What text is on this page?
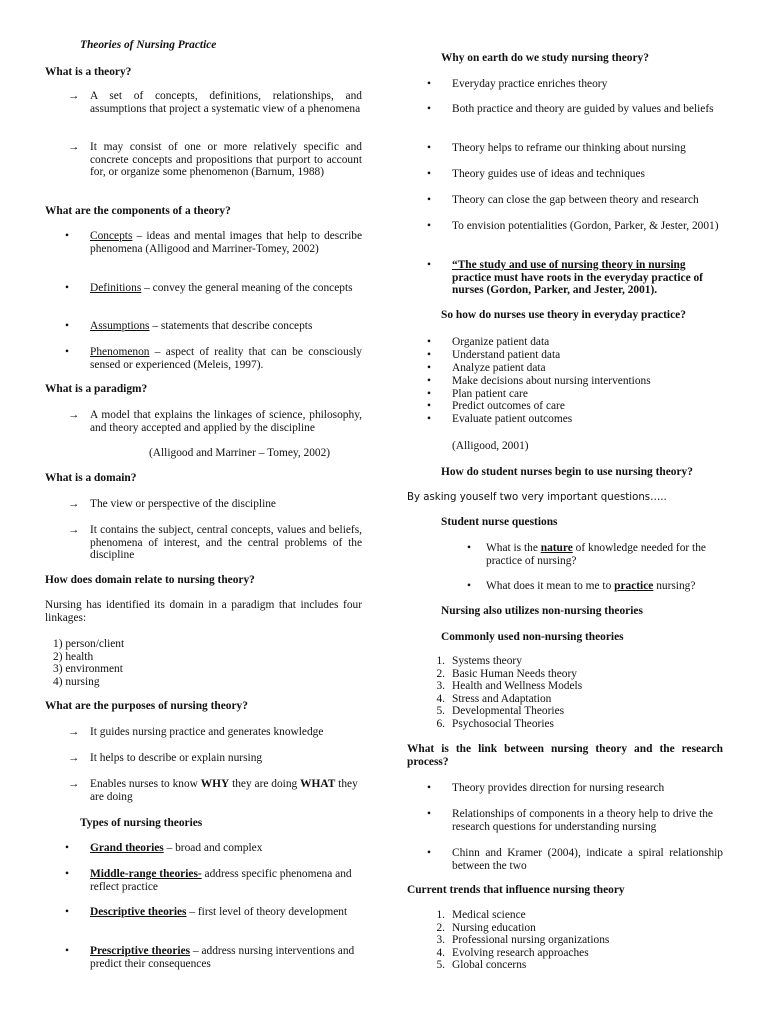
Theories of Nursing Practice
What is a theory?
→ A set of concepts, definitions, relationships, and assumptions that project a systematic view of a phenomena
→ It may consist of one or more relatively specific and concrete concepts and propositions that purport to account for, or organize some phenomenon (Barnum, 1988)
What are the components of a theory?
• Concepts – ideas and mental images that help to describe phenomena (Alligood and Marriner-Tomey, 2002)
• Definitions – convey the general meaning of the concepts
• Assumptions – statements that describe concepts
• Phenomenon – aspect of reality that can be consciously sensed or experienced (Meleis, 1997).
What is a paradigm?
→ A model that explains the linkages of science, philosophy, and theory accepted and applied by the discipline
(Alligood and Marriner – Tomey, 2002)
What is a domain?
→ The view or perspective of the discipline
→ It contains the subject, central concepts, values and beliefs, phenomena of interest, and the central problems of the discipline
How does domain relate to nursing theory?
Nursing has identified its domain in a paradigm that includes four linkages:
1) person/client
2) health
3) environment
4) nursing
What are the purposes of nursing theory?
→ It guides nursing practice and generates knowledge
→ It helps to describe or explain nursing
→ Enables nurses to know WHY they are doing WHAT they are doing
Types of nursing theories
• Grand theories – broad and complex
• Middle-range theories- address specific phenomena and reflect practice
• Descriptive theories – first level of theory development
• Prescriptive theories – address nursing interventions and predict their consequences
Why on earth do we study nursing theory?
• Everyday practice enriches theory
• Both practice and theory are guided by values and beliefs
• Theory helps to reframe our thinking about nursing
• Theory guides use of ideas and techniques
• Theory can close the gap between theory and research
• To envision potentialities (Gordon, Parker, & Jester, 2001)
• “The study and use of nursing theory in nursing
practice must have roots in the everyday practice of nurses (Gordon, Parker, and Jester, 2001).
So how do nurses use theory in everyday practice?
• Organize patient data
• Understand patient data
• Analyze patient data
• Make decisions about nursing interventions
• Plan patient care
• Predict outcomes of care
• Evaluate patient outcomes
(Alligood, 2001)
How do student nurses begin to use nursing theory?
By asking youself two very important questions…..
Student nurse questions
• What is the nature of knowledge needed for the practice of nursing?
• What does it mean to me to practice nursing?
Nursing also utilizes non-nursing theories
Commonly used non-nursing theories
1. Systems theory
2. Basic Human Needs theory
3. Health and Wellness Models
4. Stress and Adaptation
5. Developmental Theories
6. Psychosocial Theories
What is the link between nursing theory and the research process?
• Theory provides direction for nursing research
• Relationships of components in a theory help to drive the research questions for understanding nursing
• Chinn and Kramer (2004), indicate a spiral relationship between the two
Current trends that influence nursing theory
1. Medical science
2. Nursing education
3. Professional nursing organizations
4. Evolving research approaches
5. Global concerns
